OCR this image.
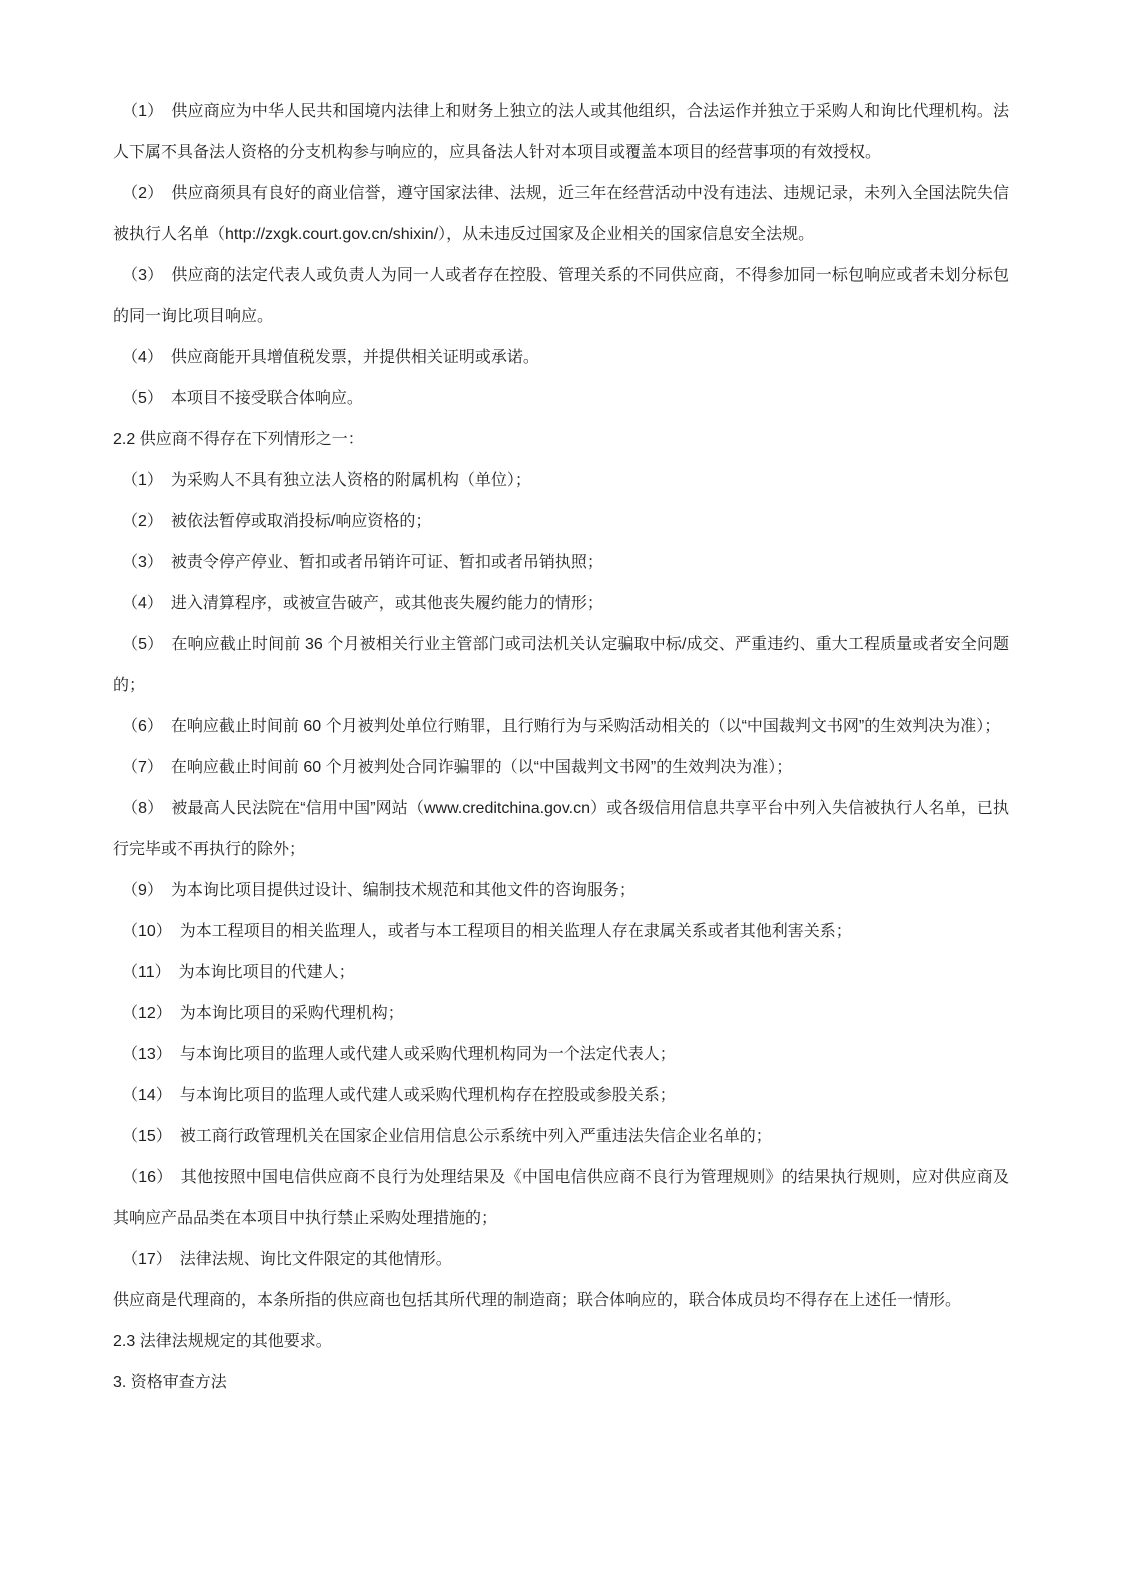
（1）　供应商应为中华人民共和国境内法律上和财务上独立的法人或其他组织，合法运作并独立于采购人和询比代理机构。法人下属不具备法人资格的分支机构参与响应的，应具备法人针对本项目或覆盖本项目的经营事项的有效授权。

（2）　供应商须具有良好的商业信誉，遵守国家法律、法规，近三年在经营活动中没有违法、违规记录，未列入全国法院失信被执行人名单（http://zxgk.court.gov.cn/shixin/），从未违反过国家及企业相关的国家信息安全法规。

（3）　供应商的法定代表人或负责人为同一人或者存在控股、管理关系的不同供应商，不得参加同一标包响应或者未划分标包的同一询比项目响应。

（4）　供应商能开具增值税发票，并提供相关证明或承诺。

（5）　本项目不接受联合体响应。

2.2 供应商不得存在下列情形之一：

（1）　为采购人不具有独立法人资格的附属机构（单位）；

（2）　被依法暂停或取消投标/响应资格的；

（3）　被责令停产停业、暂扣或者吊销许可证、暂扣或者吊销执照；

（4）　进入清算程序，或被宣告破产，或其他丧失履约能力的情形；

（5）　在响应截止时间前 36 个月被相关行业主管部门或司法机关认定骗取中标/成交、严重违约、重大工程质量或者安全问题的；

（6）　在响应截止时间前 60 个月被判处单位行贿罪，且行贿行为与采购活动相关的（以“中国裁判文书网”的生效判决为准）；

（7）　在响应截止时间前 60 个月被判处合同诈骗罪的（以“中国裁判文书网”的生效判决为准）；

（8）　被最高人民法院在“信用中国”网站（www.creditchina.gov.cn）或各级信用信息共享平台中列入失信被执行人名单，已执行完毕或不再执行的除外；

（9）　为本询比项目提供过设计、编制技术规范和其他文件的咨询服务；

（10）　为本工程项目的相关监理人，或者与本工程项目的相关监理人存在隶属关系或者其他利害关系；

（11）　为本询比项目的代建人；

（12）　为本询比项目的采购代理机构；

（13）　与本询比项目的监理人或代建人或采购代理机构同为一个法定代表人；

（14）　与本询比项目的监理人或代建人或采购代理机构存在控股或参股关系；

（15）　被工商行政管理机关在国家企业信用信息公示系统中列入严重违法失信企业名单的；

（16）　其他按照中国电信供应商不良行为处理结果及《中国电信供应商不良行为管理规则》的结果执行规则，应对供应商及其响应产品品类在本项目中执行禁止采购处理措施的；

（17）　法律法规、询比文件限定的其他情形。

供应商是代理商的，本条所指的供应商也包括其所代理的制造商；联合体响应的，联合体成员均不得存在上述任一情形。

2.3 法律法规规定的其他要求。

3. 资格审查方法
